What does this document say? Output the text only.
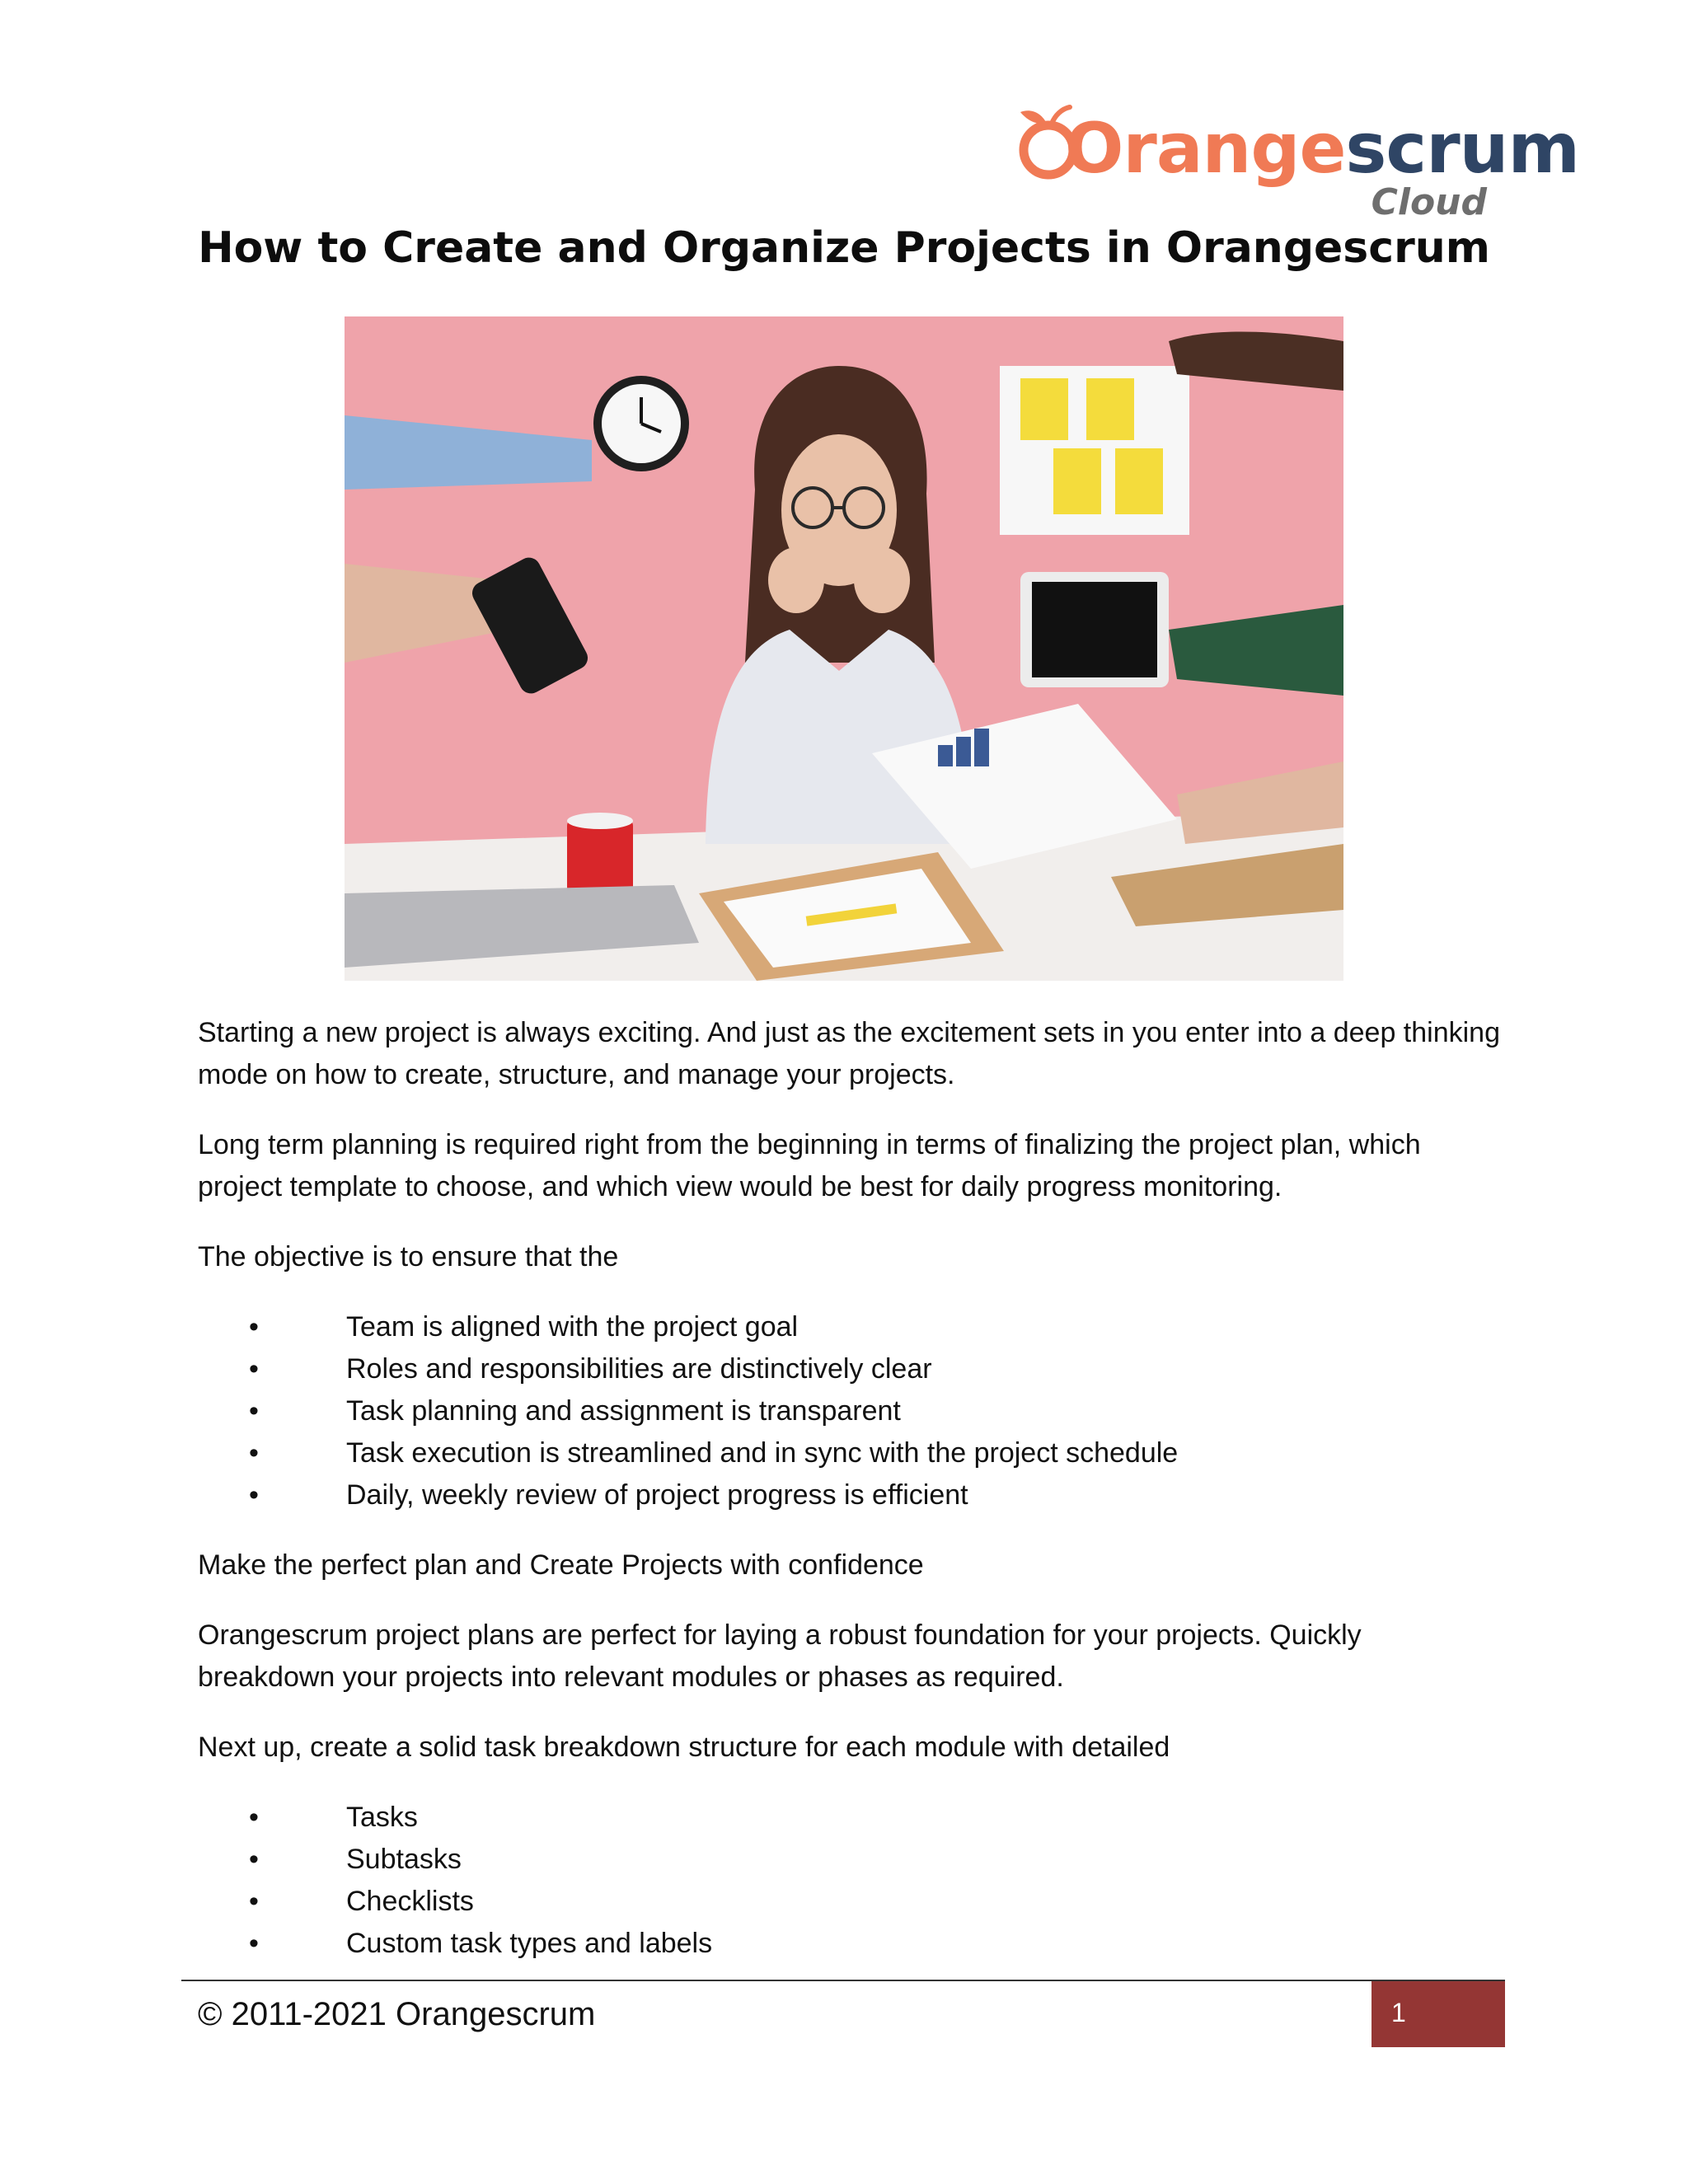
Orangescrum
Cloud
How to Create and Organize Projects in Orangescrum

Starting a new project is always exciting. And just as the excitement sets in you enter into a deep thinking mode on how to create, structure, and manage your projects.

Long term planning is required right from the beginning in terms of finalizing the project plan, which project template to choose, and which view would be best for daily progress monitoring.

The objective is to ensure that the

•	Team is aligned with the project goal
•	Roles and responsibilities are distinctively clear
•	Task planning and assignment is transparent
•	Task execution is streamlined and in sync with the project schedule
•	Daily, weekly review of project progress is efficient

Make the perfect plan and Create Projects with confidence

Orangescrum project plans are perfect for laying a robust foundation for your projects. Quickly breakdown your projects into relevant modules or phases as required.

Next up, create a solid task breakdown structure for each module with detailed

•	Tasks
•	Subtasks
•	Checklists
•	Custom task types and labels
© 2011-2021 Orangescrum	1
